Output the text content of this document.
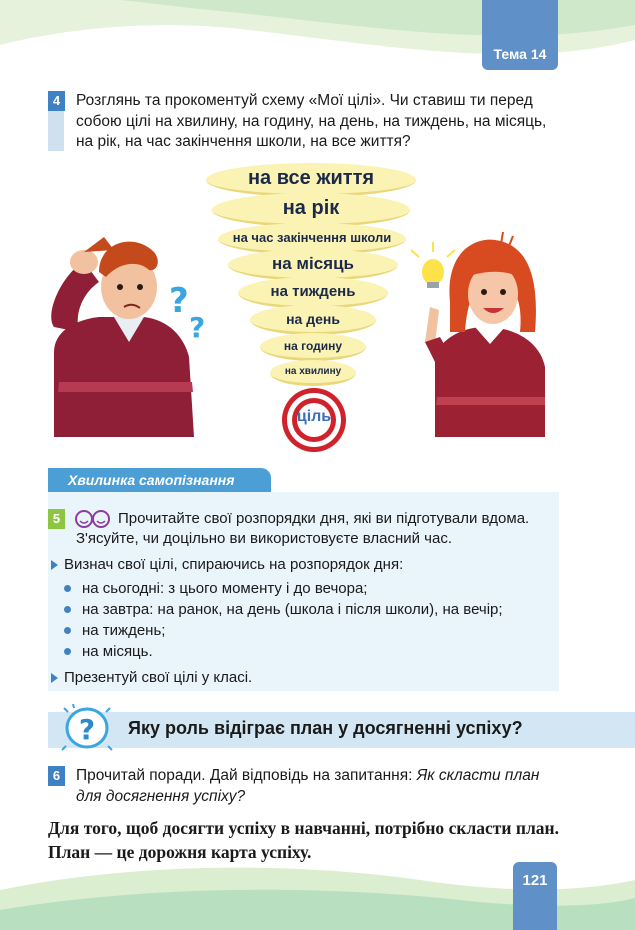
Тема 14
4	Розглянь та прокоментуй схему «Мої цілі». Чи ставиш ти перед собою цілі на хвилину, на годину, на день, на тиждень, на місяць, на рік, на час закінчення школи, на все життя?
на все життя
на рік
на час закінчення школи
на місяць
на тиждень
на день
на годину
на хвилину
ціль
?
?
Хвилинка самопізнання
5	Прочитайте свої розпорядки дня, які ви підготували вдома.
З'ясуйте, чи доцільно ви використовуєте власний час.
Визнач свої цілі, спираючись на розпорядок дня:
на сьогодні: з цього моменту і до вечора;
на завтра: на ранок, на день (школа і після школи), на вечір;
на тиждень;
на місяць.
Презентуй свої цілі у класі.
? Яку роль відіграє план у досягненні успіху?
6	Прочитай поради. Дай відповідь на запитання: Як скласти план для досягнення успіху?
Для того, щоб досягти успіху в навчанні, потрібно скласти план. План — це дорожня карта успіху.
121
